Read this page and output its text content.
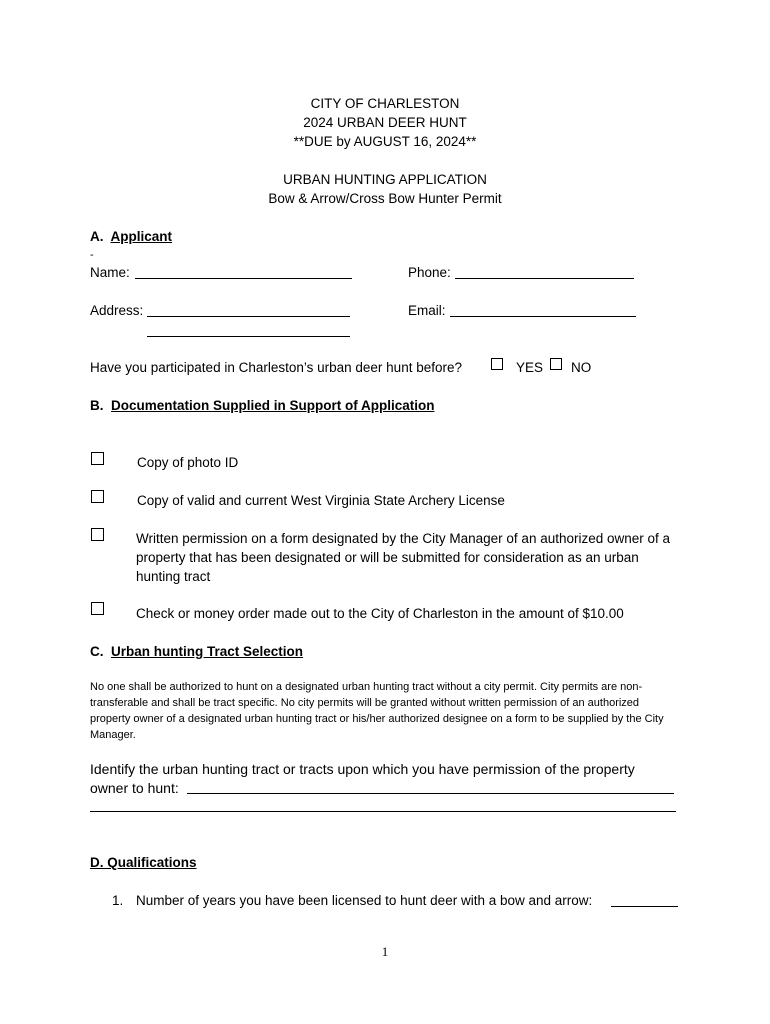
CITY OF CHARLESTON
2024 URBAN DEER HUNT
**DUE by AUGUST 16, 2024**
URBAN HUNTING APPLICATION
Bow & Arrow/Cross Bow Hunter Permit
A. Applicant
-
Name:	Phone:
Address:	Email:
Have you participated in Charleston’s urban deer hunt before?	YES NO
B. Documentation Supplied in Support of Application
Copy of photo ID
Copy of valid and current West Virginia State Archery License
Written permission on a form designated by the City Manager of an authorized owner of a property that has been designated or will be submitted for consideration as an urban hunting tract
Check or money order made out to the City of Charleston in the amount of $10.00
C. Urban hunting Tract Selection
No one shall be authorized to hunt on a designated urban hunting tract without a city permit. City permits are non-transferable and shall be tract specific. No city permits will be granted without written permission of an authorized property owner of a designated urban hunting tract or his/her authorized designee on a form to be supplied by the City Manager.
Identify the urban hunting tract or tracts upon which you have permission of the property
owner to hunt:
D. Qualifications
1. Number of years you have been licensed to hunt deer with a bow and arrow:
1
